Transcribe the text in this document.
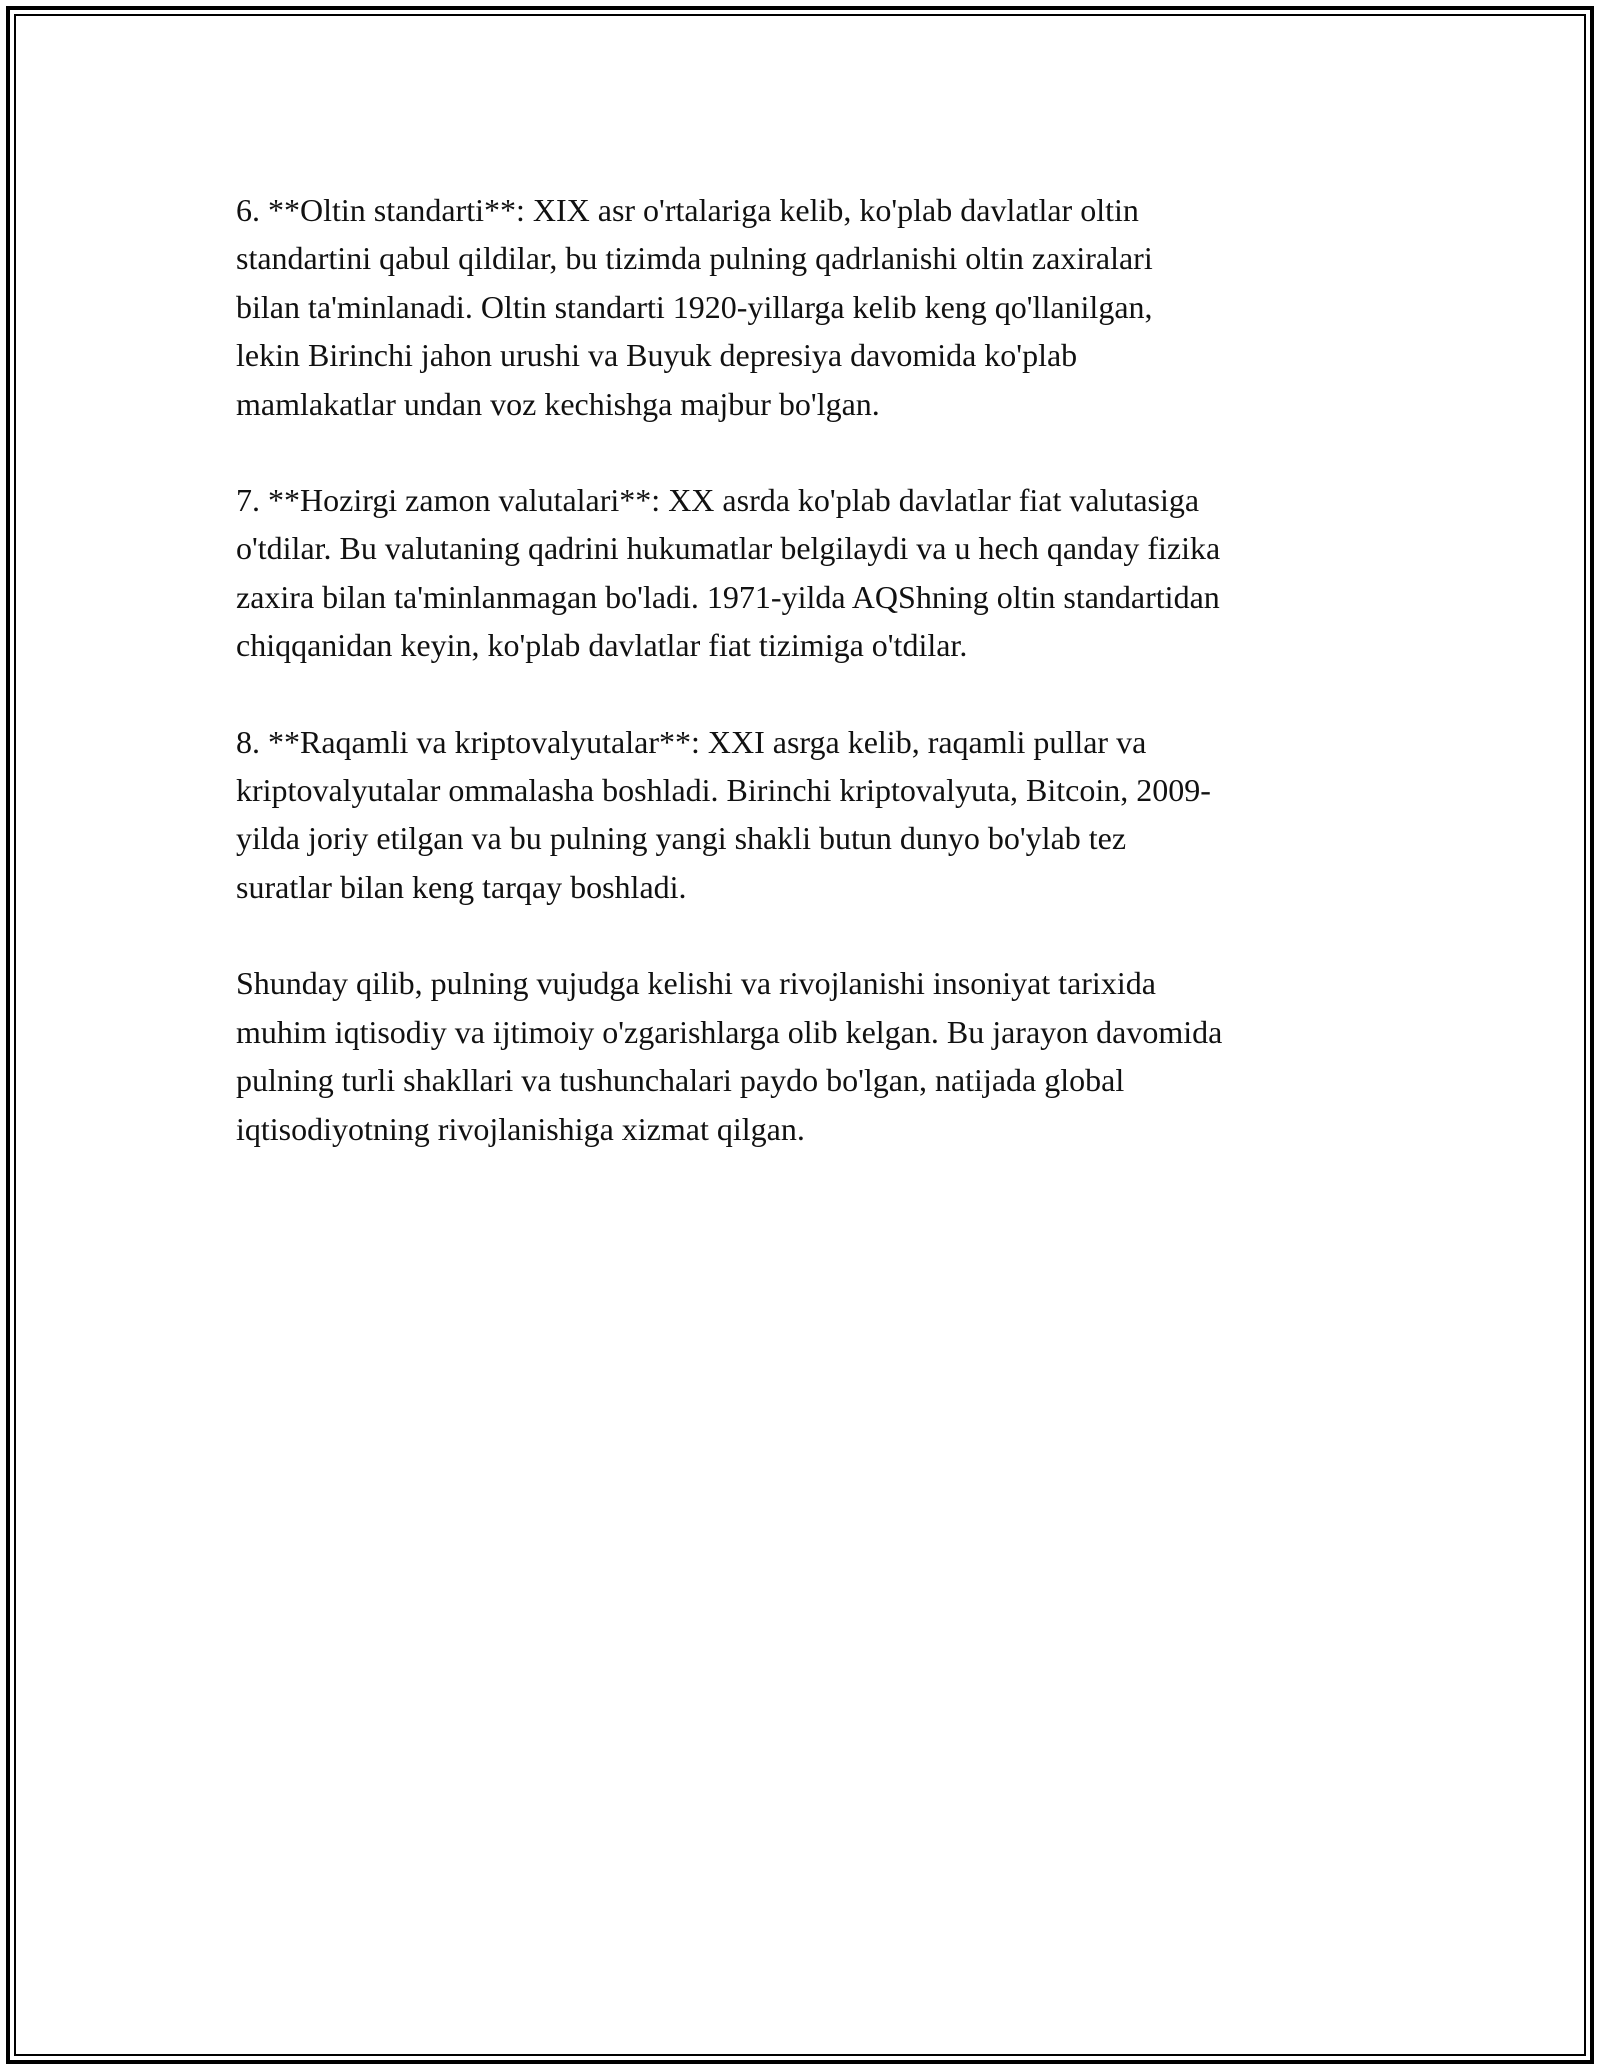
6. **Oltin standarti**: XIX asr o'rtalariga kelib, ko'plab davlatlar oltin
standartini qabul qildilar, bu tizimda pulning qadrlanishi oltin zaxiralari
bilan ta'minlanadi. Oltin standarti 1920-yillarga kelib keng qo'llanilgan,
lekin Birinchi jahon urushi va Buyuk depresiya davomida ko'plab
mamlakatlar undan voz kechishga majbur bo'lgan.

7. **Hozirgi zamon valutalari**: XX asrda ko'plab davlatlar fiat valutasiga
o'tdilar. Bu valutaning qadrini hukumatlar belgilaydi va u hech qanday fizika
zaxira bilan ta'minlanmagan bo'ladi. 1971-yilda AQShning oltin standartidan
chiqqanidan keyin, ko'plab davlatlar fiat tizimiga o'tdilar.

8. **Raqamli va kriptovalyutalar**: XXI asrga kelib, raqamli pullar va
kriptovalyutalar ommalasha boshladi. Birinchi kriptovalyuta, Bitcoin, 2009-
yilda joriy etilgan va bu pulning yangi shakli butun dunyo bo'ylab tez
suratlar bilan keng tarqay boshladi.

Shunday qilib, pulning vujudga kelishi va rivojlanishi insoniyat tarixida
muhim iqtisodiy va ijtimoiy o'zgarishlarga olib kelgan. Bu jarayon davomida
pulning turli shakllari va tushunchalari paydo bo'lgan, natijada global
iqtisodiyotning rivojlanishiga xizmat qilgan.
